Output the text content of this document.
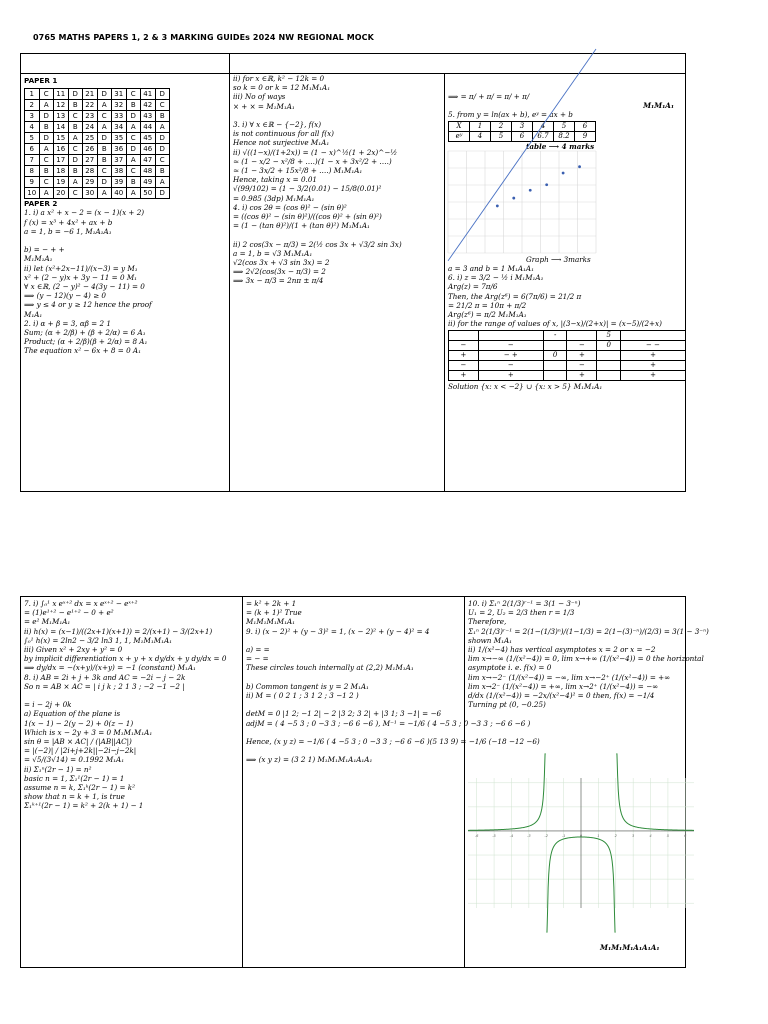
0765 MATHS PAPERS 1, 2 & 3 MARKING GUIDEs 2024 NW REGIONAL MOCK
PAPER 1
1	C	11	D	21	D	31	C	41	D
2	A	12	B	22	A	32	B	42	C
3	D	13	C	23	C	33	D	43	B
4	B	14	B	24	A	34	A	44	A
5	D	15	A	25	D	35	C	45	D
6	A	16	C	26	B	36	D	46	D
7	C	17	D	27	B	37	A	47	C
8	B	18	B	28	C	38	C	48	B
9	C	19	A	29	D	39	B	49	A
10	A	20	C	30	A	40	A	50	D
PAPER 2
1. i) a x² + x − 2 = (x − 1)(x + 2)
f (x) = x³ + 4x² + ax + b
a = 1, b = −6 1, M₁A₁A₁

b) = − + +
M₁M₁A₁
ii) let (x²+2x−11)/(x−3) = y M₁
x² + (2 − y)x + 3y − 11 = 0 M₁
∀ x ∈ℝ, (2 − y)² − 4(3y − 11) = 0
⟹ (y − 12)(y − 4) ≥ 0
⟹ y ≤ 4 or y ≥ 12 hence the proof
M₁A₁
2. i) α + β = 3, αβ = 2 1
Sum; (α + 2/β) + (β + 2/α) = 6 A₁
Product; (α + 2/β)(β + 2/α) = 8 A₁
The equation x² − 6x + 8 = 0 A₁
ii) for x ∈ℝ, k² − 12k = 0
so k = 0 or k = 12 M₁M₁A₁
iii) No of ways
× + × = M₁M₁A₁

3. i) ∀ x ∈ℝ − {−2}, f(x)
is not continuous for all f(x)
Hence not surjective M₁A₁
ii) √((1−x)/(1+2x)) = (1 − x)^½(1 + 2x)^−½
≃ (1 − x/2 − x²/8 + ….)(1 − x + 3x²/2 + ….)
≃ (1 − 3x/2 + 15x²/8 + ….) M₁M₁A₁
Hence, taking x = 0.01
√(99/102) = (1 − 3/2(0.01) − 15/8(0.01)²
= 0.985 (3dp) M₁M₁A₁
4. i) cos 2θ = (cos θ)² − (sin θ)²
= ((cos θ)² − (sin θ)²)/((cos θ)² + (sin θ)²)
= (1 − (tan θ)²)/(1 + (tan θ)²) M₁M₁A₁

ii) 2 cos(3x − π/3) = 2(½ cos 3x + √3/2 sin 3x)
a = 1, b = √3 M₁M₁A₁
√2(cos 3x + √3 sin 3x) = 2
⟹ 2√2(cos(3x − π/3) = 2
⟹ 3x − π/3 = 2nπ ± π/4
⟹ = π/ + π/ = π/ + π/
M₁M₁A₁
5. from y = ln(ax + b), eʸ = ax + b
X	1	2	3	4	5	6
eʸ	4	5	6	6.7	8.2	9
table ⟶ 4 marks
Graph ⟶ 3marks
a = 3 and b = 1 M₁A₁A₁
6. i) z = 3/2 − ½ i M₁M₁A₁
Arg(z) = 7π/6
Then, the Arg(z⁶) = 6(7π/6) = 21/2 π
= 21/2 π = 10π + π/2
Arg(z⁶) = π/2 M₁M₁A₁
ii) for the range of values of x, |(3−x)/(2+x)| = (x−5)/(2+x)
		-		5	
−	−		−	0	− −
+	− +	0	+		+
−	−		−		+
+	+		+		+
Solution {x: x < −2} ∪ {x: x > 5} M₁M₁A₁
7. i) ∫₀¹ x eˣ⁺² dx = x eˣ⁺² − eˣ⁺²
= (1)e¹⁺² − e¹⁺² − 0 + e²
= e² M₁M₁A₁
ii) h(x) = (x−1)/((2x+1)(x+1)) = 2/(x+1) − 3/(2x+1)
∫₀¹ h(x) = 2ln2 − 3/2 ln3 1, 1, M₁M₁M₁A₁
iii) Given x² + 2xy + y² = 0
by implicit differentiation x + y + x dy/dx + y dy/dx = 0
⟹ dy/dx = −(x+y)/(x+y) = −1 (constant) M₁A₁
8. i) AB = 2i + j + 3k and AC = −2i − j − 2k
So n = AB × AC = | i j k ; 2 1 3 ; −2 −1 −2 |

= i − 2j + 0k
a) Equation of the plane is
1(x − 1) − 2(y − 2) + 0(z − 1)
Which is x − 2y + 3 = 0 M₁M₁M₁A₁
sin θ = |AB × AC| / (|AB||AC|)
= |(−2)| / |2i+j+2k||−2i−j−2k|
= √5/(3√14) = 0.1992 M₁A₁
ii) Σ₁ⁿ(2r − 1) = n²
basic n = 1, Σ₁¹(2r − 1) = 1
assume n = k, Σ₁ᵏ(2r − 1) = k²
show that n = k + 1, is true
Σ₁ᵏ⁺¹(2r − 1) = k² + 2(k + 1) − 1
= k² + 2k + 1
= (k + 1)² True
M₁M₁M₁M₁A₁
9. i) (x − 2)² + (y − 3)² = 1, (x − 2)² + (y − 4)² = 4

a) = =
= − =
These circles touch internally at (2,2) M₁M₁A₁

b) Common tangent is y = 2 M₁A₁
ii) M = ( 0 2 1 ; 3 1 2 ; 3 −1 2 )

detM = 0 |1 2; −1 2| − 2 |3 2; 3 2| + |3 1; 3 −1| = −6
adjM = ( 4 −5 3 ; 0 −3 3 ; −6 6 −6 ), M⁻¹ = −1/6 ( 4 −5 3 ; 0 −3 3 ; −6 6 −6 )

Hence, (x y z) = −1/6 ( 4 −5 3 ; 0 −3 3 ; −6 6 −6 )(5 13 9) = −1/6 (−18 −12 −6)

⟹ (x y z) = (3 2 1) M₁M₁M₁A₁A₁A₁
10. i) Σ₁ⁿ 2(1/3)ʳ⁻¹ = 3(1 − 3⁻ⁿ)
U₁ = 2, U₂ = 2/3 then r = 1/3
Therefore,
Σ₁ⁿ 2(1/3)ʳ⁻¹ = 2(1−(1/3)ⁿ)/(1−1/3) = 2(1−(3)⁻ⁿ)/(2/3) = 3(1 − 3⁻ⁿ)
shown M₁A₁
ii) 1/(x²−4) has vertical asymptotes x = 2 or x = −2
lim x→−∞ (1/(x²−4)) = 0, lim x→+∞ (1/(x²−4)) = 0 the horizontal
asymptote i. e. f(x) = 0
lim x→−2⁻ (1/(x²−4)) = −∞, lim x→−2⁺ (1/(x²−4)) = +∞
lim x→2⁻ (1/(x²−4)) = +∞, lim x→2⁺ (1/(x²−4)) = −∞
d/dx (1/(x²−4)) = −2x/(x²−4)² = 0 then, f(x) = −1/4
Turning pt (0, −0.25)
-6	-5	-4	-3	-2	-1	0	1	2	3	4	5	6
M₁M₁M₁A₁A₁A₁
